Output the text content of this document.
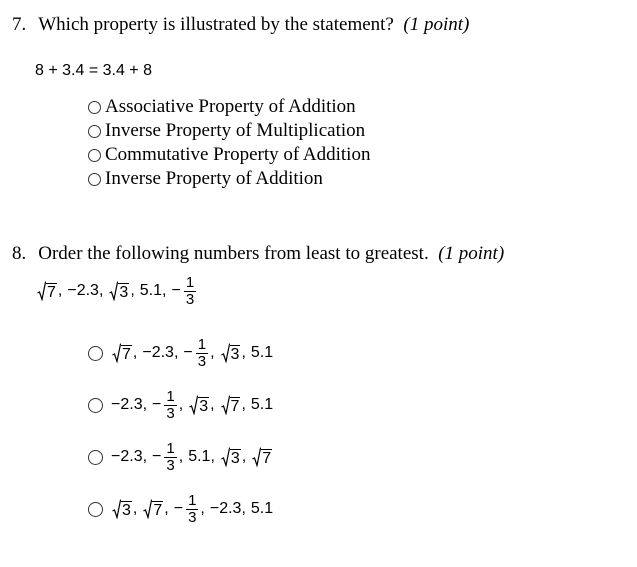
7. Which property is illustrated by the statement? (1 point)
8 + 3.4 = 3.4 + 8
Associative Property of Addition
Inverse Property of Multiplication
Commutative Property of Addition
Inverse Property of Addition
8. Order the following numbers from least to greatest. (1 point)
7 , −2.3 , 3 , 5.1 , − $\frac{1}{3}$
7 , −2.3 , − $\frac{1}{3}$ , 3 , 5.1
−2.3 , − $\frac{1}{3}$ , 3 , 7 , 5.1
−2.3 , − $\frac{1}{3}$ , 5.1 , 3 , 7
3 , 7 , − $\frac{1}{3}$ , −2.3 , 5.1
